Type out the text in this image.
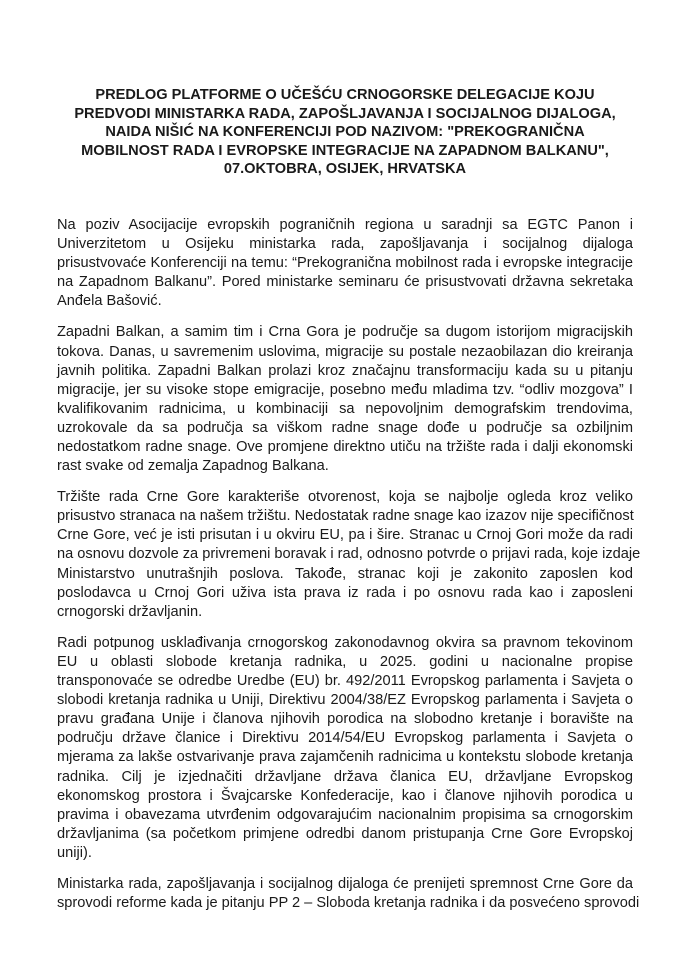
PREDLOG PLATFORME O UČEŠĆU CRNOGORSKE DELEGACIJE KOJU
PREDVODI MINISTARKA RADA, ZAPOŠLJAVANJA I SOCIJALNOG DIJALOGA,
NAIDA NIŠIĆ NA KONFERENCIJI POD NAZIVOM: "PREKOGRANIČNA
MOBILNOST RADA I EVROPSKE INTEGRACIJE NA ZAPADNOM BALKANU",
07.OKTOBRA, OSIJEK, HRVATSKA
Na poziv Asocijacije evropskih pograničnih regiona u saradnji sa EGTC Panon i
Univerzitetom u Osijeku ministarka rada, zapošljavanja i socijalnog dijaloga
prisustvovaće Konferenciji na temu: “Prekogranična mobilnost rada i evropske integracije
na Zapadnom Balkanu”. Pored ministarke seminaru će prisustvovati državna sekretaka
Anđela Bašović.
Zapadni Balkan, a samim tim i Crna Gora je područje sa dugom istorijom migracijskih
tokova. Danas, u savremenim uslovima, migracije su postale nezaobilazan dio kreiranja
javnih politika. Zapadni Balkan prolazi kroz značajnu transformaciju kada su u pitanju
migracije, jer su visoke stope emigracije, posebno među mladima tzv. “odliv mozgova” I
kvalifikovanim radnicima, u kombinaciji sa nepovoljnim demografskim trendovima,
uzrokovale da sa područja sa viškom radne snage dođe u područje sa ozbiljnim
nedostatkom radne snage. Ove promjene direktno utiču na tržište rada i dalji ekonomski
rast svake od zemalja Zapadnog Balkana.
Tržište rada Crne Gore karakteriše otvorenost, koja se najbolje ogleda kroz veliko
prisustvo stranaca na našem tržištu. Nedostatak radne snage kao izazov nije specifičnost
Crne Gore, već je isti prisutan i u okviru EU, pa i šire. Stranac u Crnoj Gori može da radi
na osnovu dozvole za privremeni boravak i rad, odnosno potvrde o prijavi rada, koje izdaje
Ministarstvo unutrašnjih poslova. Takođe, stranac koji je zakonito zaposlen kod
poslodavca u Crnoj Gori uživa ista prava iz rada i po osnovu rada kao i zaposleni
crnogorski državljanin.
Radi potpunog usklađivanja crnogorskog zakonodavnog okvira sa pravnom tekovinom
EU u oblasti slobode kretanja radnika, u 2025. godini u nacionalne propise
transponovaće se odredbe Uredbe (EU) br. 492/2011 Evropskog parlamenta i Savjeta o
slobodi kretanja radnika u Uniji, Direktivu 2004/38/EZ Evropskog parlamenta i Savjeta o
pravu građana Unije i članova njihovih porodica na slobodno kretanje i boravište na
području države članice i Direktivu 2014/54/EU Evropskog parlamenta i Savjeta o
mjerama za lakše ostvarivanje prava zajamčenih radnicima u kontekstu slobode kretanja
radnika. Cilj je izjednačiti državljane država članica EU, državljane Evropskog
ekonomskog prostora i Švajcarske Konfederacije, kao i članove njihovih porodica u
pravima i obavezama utvrđenim odgovarajućim nacionalnim propisima sa crnogorskim
državljanima (sa početkom primjene odredbi danom pristupanja Crne Gore Evropskoj
uniji).
Ministarka rada, zapošljavanja i socijalnog dijaloga će prenijeti spremnost Crne Gore da
sprovodi reforme kada je pitanju PP 2 – Sloboda kretanja radnika i da posvećeno sprovodi
